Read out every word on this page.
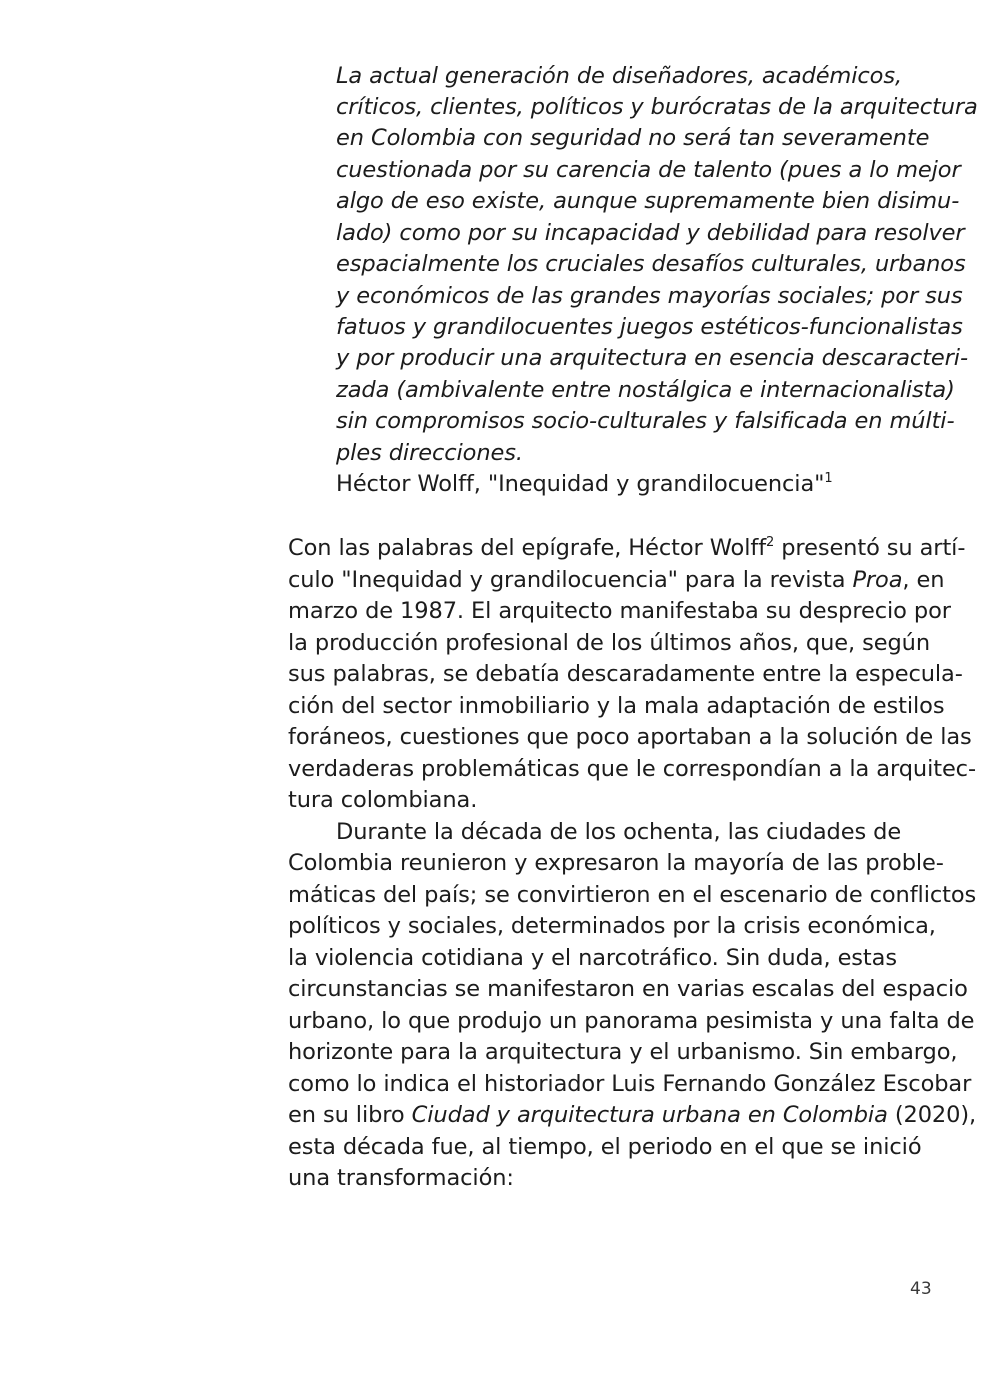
La actual generación de diseñadores, académicos,
críticos, clientes, políticos y burócratas de la arquitectura
en Colombia con seguridad no será tan severamente
cuestionada por su carencia de talento (pues a lo mejor
algo de eso existe, aunque supremamente bien disimu-
lado) como por su incapacidad y debilidad para resolver
espacialmente los cruciales desafíos culturales, urbanos
y económicos de las grandes mayorías sociales; por sus
fatuos y grandilocuentes juegos estéticos-funcionalistas
y por producir una arquitectura en esencia descaracteri-
zada (ambivalente entre nostálgica e internacionalista)
sin compromisos socio-culturales y falsificada en múlti-
ples direcciones.
Héctor Wolff, "Inequidad y grandilocuencia"$^1$
Con las palabras del epígrafe, Héctor Wolff$^2$ presentó su artí-
culo "Inequidad y grandilocuencia" para la revista Proa, en
marzo de 1987. El arquitecto manifestaba su desprecio por
la producción profesional de los últimos años, que, según
sus palabras, se debatía descaradamente entre la especula-
ción del sector inmobiliario y la mala adaptación de estilos
foráneos, cuestiones que poco aportaban a la solución de las
verdaderas problemáticas que le correspondían a la arquitec-
tura colombiana.
Durante la década de los ochenta, las ciudades de
Colombia reunieron y expresaron la mayoría de las proble-
máticas del país; se convirtieron en el escenario de conflictos
políticos y sociales, determinados por la crisis económica,
la violencia cotidiana y el narcotráfico. Sin duda, estas
circunstancias se manifestaron en varias escalas del espacio
urbano, lo que produjo un panorama pesimista y una falta de
horizonte para la arquitectura y el urbanismo. Sin embargo,
como lo indica el historiador Luis Fernando González Escobar
en su libro Ciudad y arquitectura urbana en Colombia (2020),
esta década fue, al tiempo, el periodo en el que se inició
una transformación:
43
